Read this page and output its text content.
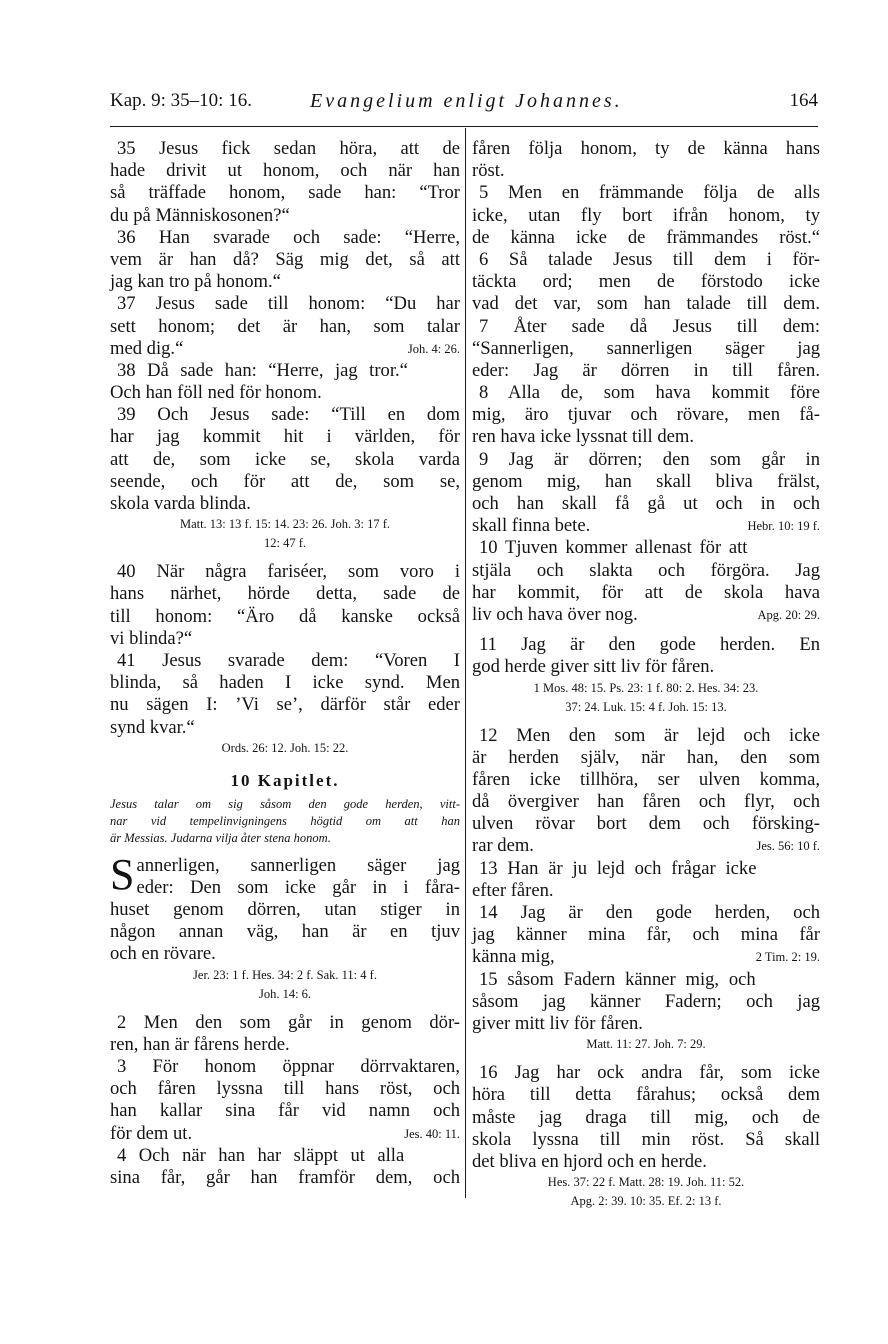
Kap. 9: 35–10: 16.	Evangelium enligt Johannes.	164
35 Jesus fick sedan höra, att de
hade drivit ut honom, och när han
så träffade honom, sade han: “Tror
du på Människosonen?“
36 Han svarade och sade: “Herre,
vem är han då? Säg mig det, så att
jag kan tro på honom.“
37 Jesus sade till honom: “Du har
sett honom; det är han, som talar
med dig.“	Joh. 4: 26.
38 Då sade han: “Herre, jag tror.“
Och han föll ned för honom.
39 Och Jesus sade: “Till en dom
har jag kommit hit i världen, för
att de, som icke se, skola varda
seende, och för att de, som se,
skola varda blinda.
Matt. 13: 13 f. 15: 14. 23: 26. Joh. 3: 17 f.
12: 47 f.
40 När några fariséer, som voro i
hans närhet, hörde detta, sade de
till honom: “Äro då kanske också
vi blinda?“
41 Jesus svarade dem: “Voren I
blinda, så haden I icke synd. Men
nu sägen I: ’Vi se’, därför står eder
synd kvar.“
Ords. 26: 12. Joh. 15: 22.
10 Kapitlet.
Jesus talar om sig såsom den gode herden, vitt-
nar vid tempelinvigningens högtid om att han
är Messias. Judarna vilja åter stena honom.
Sannerligen, sannerligen säger jag
eder: Den som icke går in i fåra-
huset genom dörren, utan stiger in
någon annan väg, han är en tjuv
och en rövare.
Jer. 23: 1 f. Hes. 34: 2 f. Sak. 11: 4 f.
Joh. 14: 6.
2 Men den som går in genom dör-
ren, han är fårens herde.
3 För honom öppnar dörrvaktaren,
och fåren lyssna till hans röst, och
han kallar sina får vid namn och
för dem ut.	Jes. 40: 11.
4 Och när han har släppt ut alla
sina får, går han framför dem, och
fåren följa honom, ty de känna hans
röst.
5 Men en främmande följa de alls
icke, utan fly bort ifrån honom, ty
de känna icke de främmandes röst.“
6 Så talade Jesus till dem i för-
täckta ord; men de förstodo icke
vad det var, som han talade till dem.
7 Åter sade då Jesus till dem:
“Sannerligen, sannerligen säger jag
eder: Jag är dörren in till fåren.
8 Alla de, som hava kommit före
mig, äro tjuvar och rövare, men få-
ren hava icke lyssnat till dem.
9 Jag är dörren; den som går in
genom mig, han skall bliva frälst,
och han skall få gå ut och in och
skall finna bete.	Hebr. 10: 19 f.
10 Tjuven kommer allenast för att
stjäla och slakta och förgöra. Jag
har kommit, för att de skola hava
liv och hava över nog.	Apg. 20: 29.
11 Jag är den gode herden. En
god herde giver sitt liv för fåren.
1 Mos. 48: 15. Ps. 23: 1 f. 80: 2. Hes. 34: 23.
37: 24. Luk. 15: 4 f. Joh. 15: 13.
12 Men den som är lejd och icke
är herden själv, när han, den som
fåren icke tillhöra, ser ulven komma,
då övergiver han fåren och flyr, och
ulven rövar bort dem och försking-
rar dem.	Jes. 56: 10 f.
13 Han är ju lejd och frågar icke
efter fåren.
14 Jag är den gode herden, och
jag känner mina får, och mina får
känna mig,	2 Tim. 2: 19.
15 såsom Fadern känner mig, och
såsom jag känner Fadern; och jag
giver mitt liv för fåren.
Matt. 11: 27. Joh. 7: 29.
16 Jag har ock andra får, som icke
höra till detta fårahus; också dem
måste jag draga till mig, och de
skola lyssna till min röst. Så skall
det bliva en hjord och en herde.
Hes. 37: 22 f. Matt. 28: 19. Joh. 11: 52.
Apg. 2: 39. 10: 35. Ef. 2: 13 f.
